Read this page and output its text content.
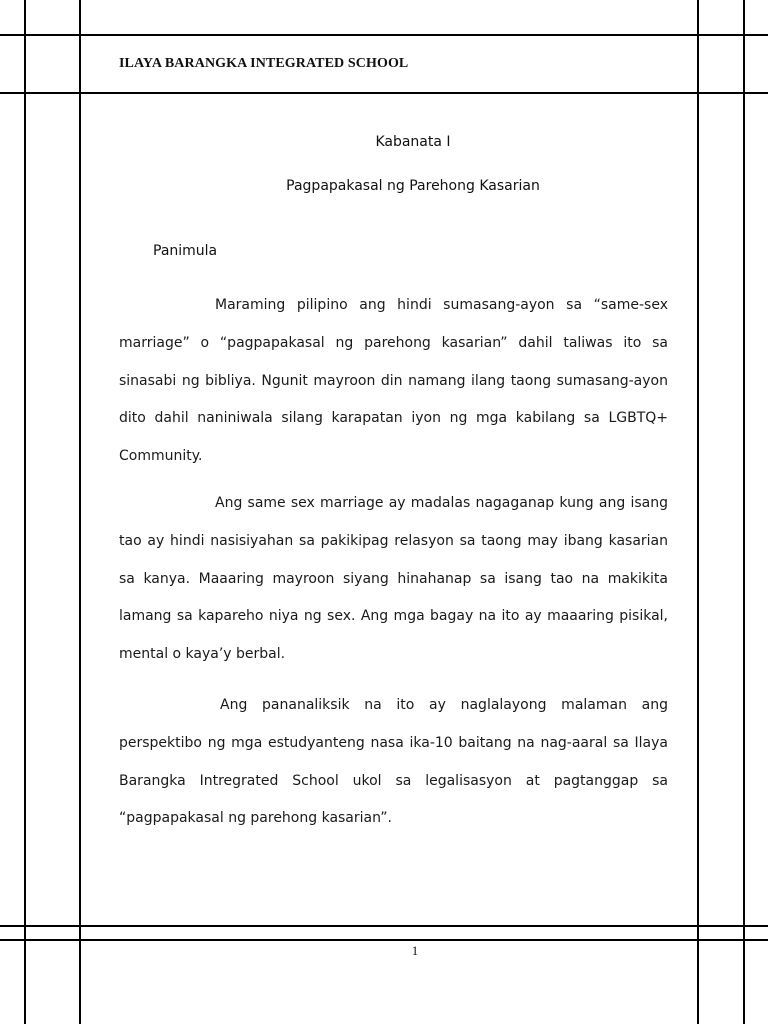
ILAYA BARANGKA INTEGRATED SCHOOL
Kabanata I
Pagpapakasal ng Parehong Kasarian
Panimula

Maraming pilipino ang hindi sumasang-ayon sa “same-sex marriage” o “pagpapakasal ng parehong kasarian” dahil taliwas ito sa sinasabi ng bibliya. Ngunit mayroon din namang ilang taong sumasang-ayon dito dahil naniniwala silang karapatan iyon ng mga kabilang sa LGBTQ+ Community.

Ang same sex marriage ay madalas nagaganap kung ang isang tao ay hindi nasisiyahan sa pakikipag relasyon sa taong may ibang kasarian sa kanya. Maaaring mayroon siyang hinahanap sa isang tao na makikita lamang sa kapareho niya ng sex. Ang mga bagay na ito ay maaaring pisikal, mental o kaya’y berbal.

Ang pananaliksik na ito ay naglalayong malaman ang perspektibo ng mga estudyanteng nasa ika-10 baitang na nag-aaral sa Ilaya Barangka Intregrated School ukol sa legalisasyon at pagtanggap sa “pagpapakasal ng parehong kasarian”.

1
